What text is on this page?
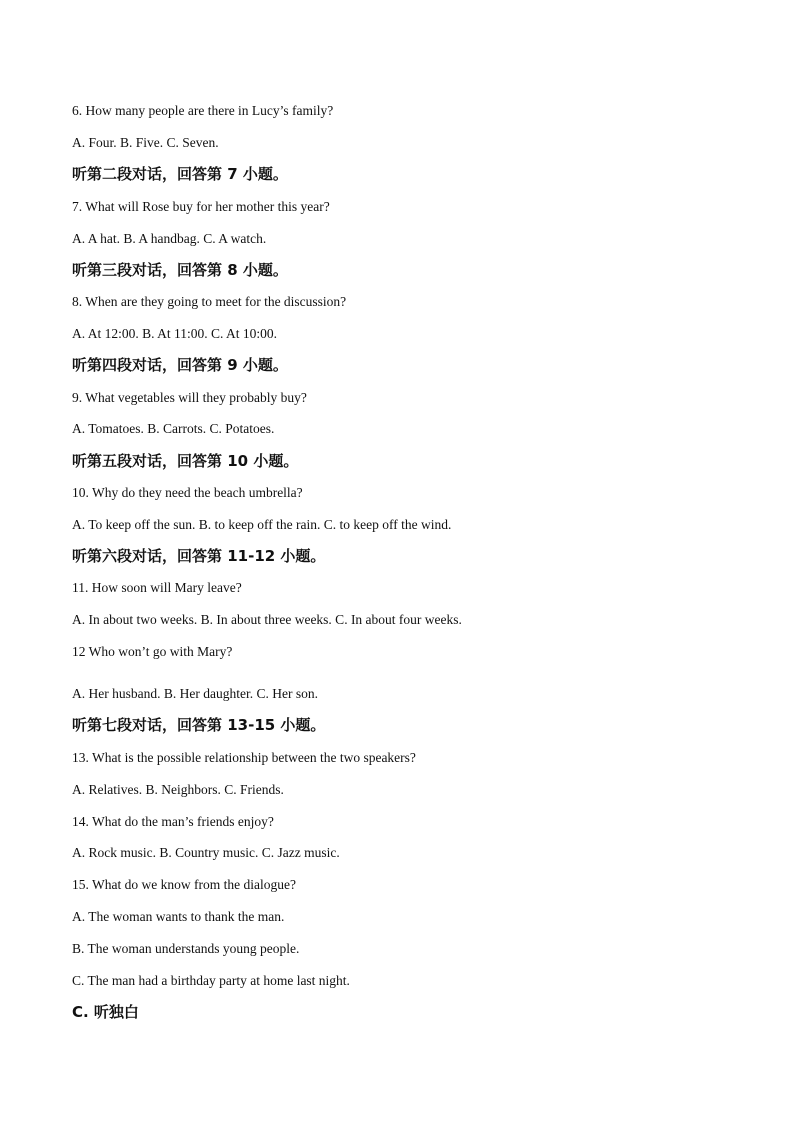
6. How many people are there in Lucy’s family?
A. Four. B. Five. C. Seven.
听第二段对话，回答第 7 小题。
7. What will Rose buy for her mother this year?
A. A hat. B. A handbag. C. A watch.
听第三段对话，回答第 8 小题。
8. When are they going to meet for the discussion?
A. At 12:00. B. At 11:00. C. At 10:00.
听第四段对话，回答第 9 小题。
9. What vegetables will they probably buy?
A. Tomatoes. B. Carrots. C. Potatoes.
听第五段对话，回答第 10 小题。
10. Why do they need the beach umbrella?
A. To keep off the sun. B. to keep off the rain. C. to keep off the wind.
听第六段对话，回答第 11-12 小题。
11. How soon will Mary leave?
A. In about two weeks. B. In about three weeks. C. In about four weeks.
12 Who won’t go with Mary?
A. Her husband. B. Her daughter. C. Her son.
听第七段对话，回答第 13-15 小题。
13. What is the possible relationship between the two speakers?
A. Relatives. B. Neighbors. C. Friends.
14. What do the man’s friends enjoy?
A. Rock music. B. Country music. C. Jazz music.
15. What do we know from the dialogue?
A. The woman wants to thank the man.
B. The woman understands young people.
C. The man had a birthday party at home last night.
C. 听独白
